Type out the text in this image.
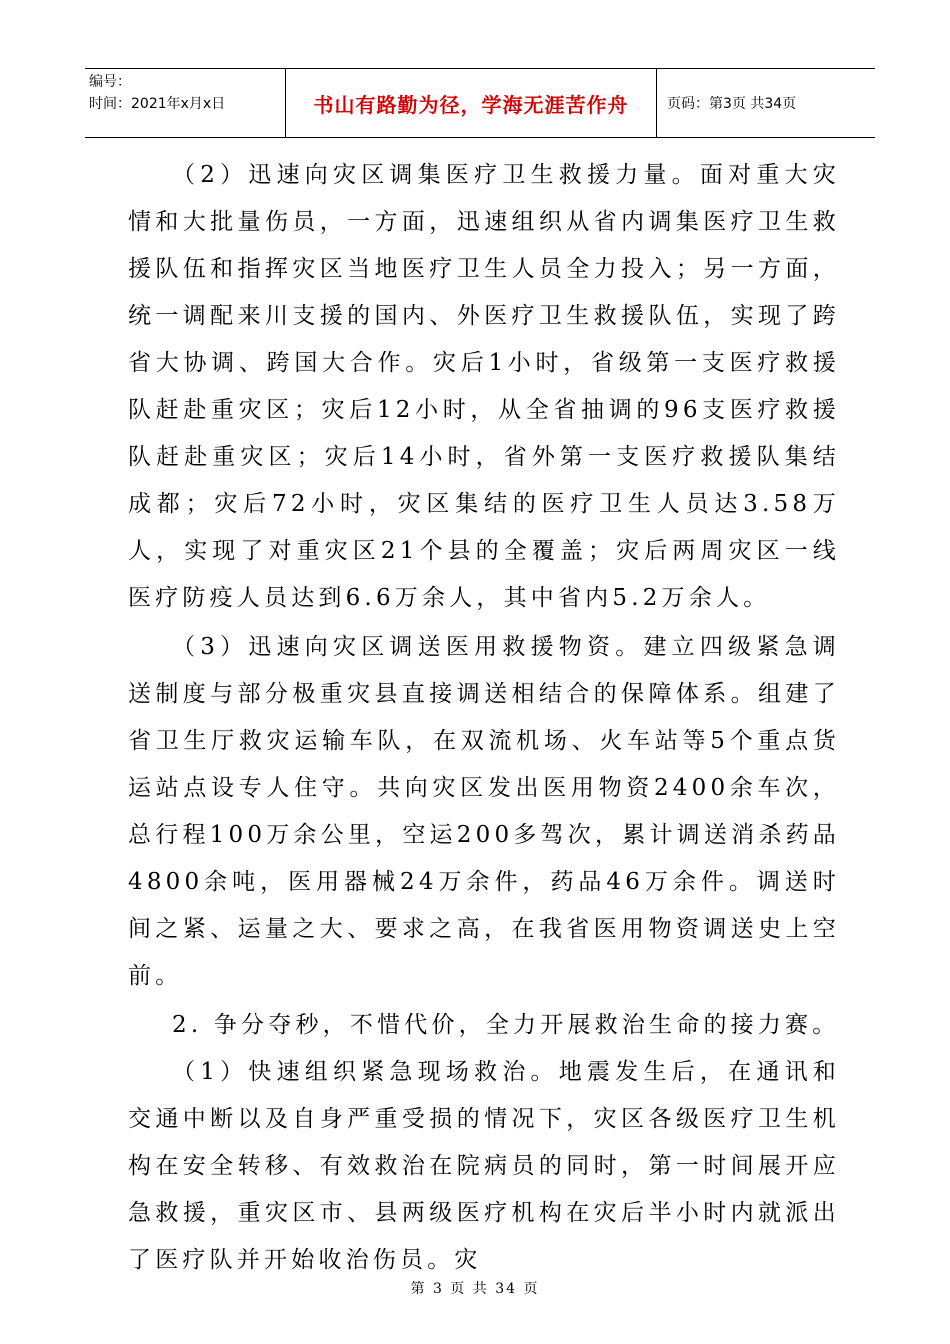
编号：
时间：2021年x月x日	书山有路勤为径，学海无涯苦作舟	页码：第3页 共34页

（2）迅速向灾区调集医疗卫生救援力量。面对重大灾情和大批量伤员，一方面，迅速组织从省内调集医疗卫生救援队伍和指挥灾区当地医疗卫生人员全力投入；另一方面，统一调配来川支援的国内、外医疗卫生救援队伍，实现了跨省大协调、跨国大合作。灾后1小时，省级第一支医疗救援队赶赴重灾区；灾后12小时，从全省抽调的96支医疗救援队赶赴重灾区；灾后14小时，省外第一支医疗救援队集结成都；灾后72小时，灾区集结的医疗卫生人员达3.58万人，实现了对重灾区21个县的全覆盖；灾后两周灾区一线医疗防疫人员达到6.6万余人，其中省内5.2万余人。

（3）迅速向灾区调送医用救援物资。建立四级紧急调送制度与部分极重灾县直接调送相结合的保障体系。组建了省卫生厅救灾运输车队，在双流机场、火车站等5个重点货运站点设专人住守。共向灾区发出医用物资2400余车次，总行程100万余公里，空运200多驾次，累计调送消杀药品4800余吨，医用器械24万余件，药品46万余件。调送时间之紧、运量之大、要求之高，在我省医用物资调送史上空前。

2. 争分夺秒，不惜代价，全力开展救治生命的接力赛。

（1）快速组织紧急现场救治。地震发生后，在通讯和交通中断以及自身严重受损的情况下，灾区各级医疗卫生机构在安全转移、有效救治在院病员的同时，第一时间展开应急救援，重灾区市、县两级医疗机构在灾后半小时内就派出了医疗队并开始收治伤员。灾

第 3 页 共 34 页
